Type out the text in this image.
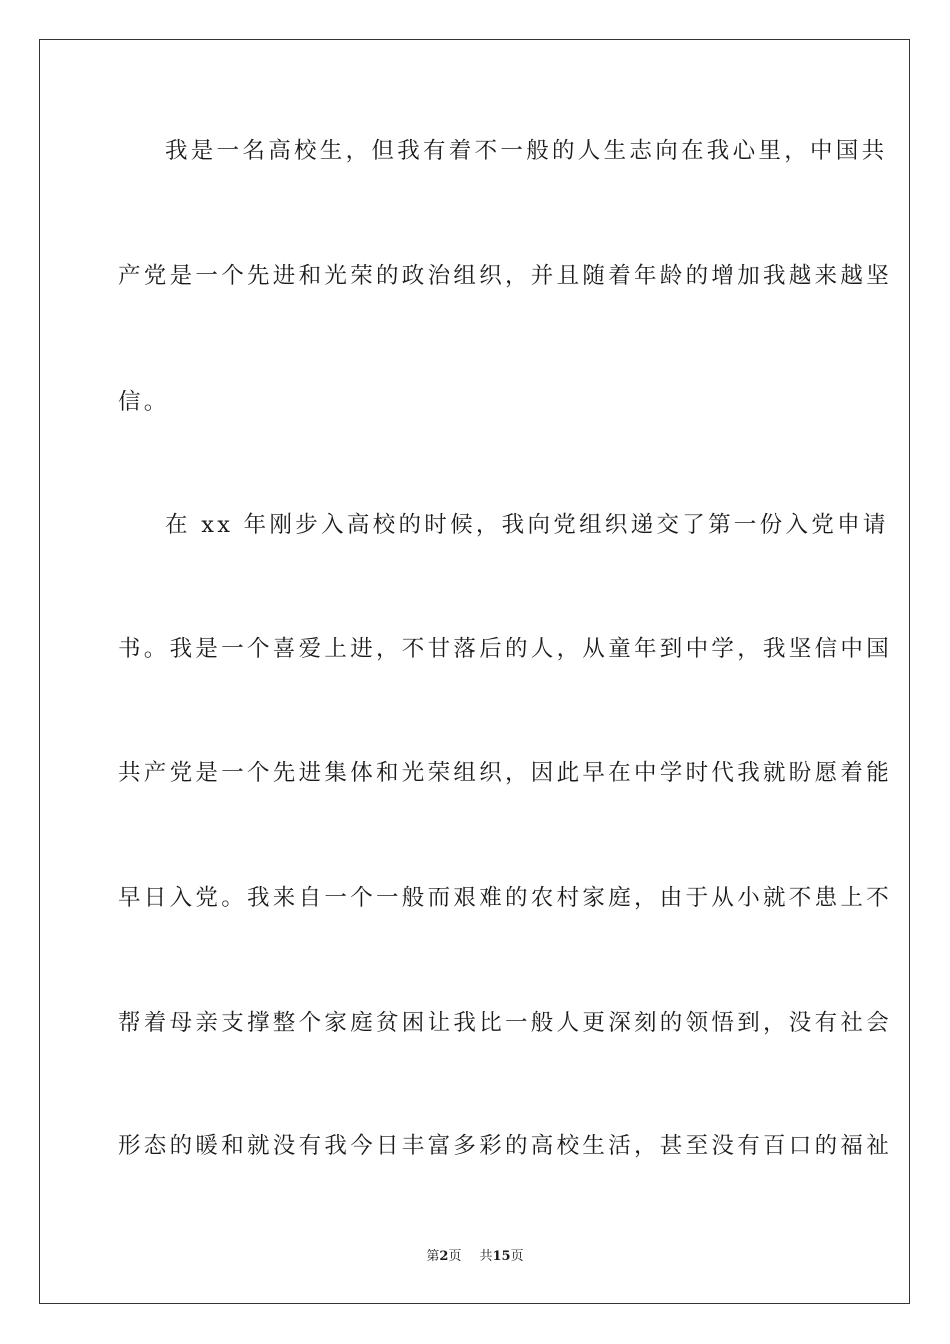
我是一名高校生，但我有着不一般的人生志向在我心里，中国共
产党是一个先进和光荣的政治组织，并且随着年龄的增加我越来越坚
信。
在 xx 年刚步入高校的时候，我向党组织递交了第一份入党申请
书。我是一个喜爱上进，不甘落后的人，从童年到中学，我坚信中国
共产党是一个先进集体和光荣组织，因此早在中学时代我就盼愿着能
早日入党。我来自一个一般而艰难的农村家庭，由于从小就不患上不
帮着母亲支撑整个家庭贫困让我比一般人更深刻的领悟到，没有社会
形态的暖和就没有我今日丰富多彩的高校生活，甚至没有百口的福祉
第2页 共15页
